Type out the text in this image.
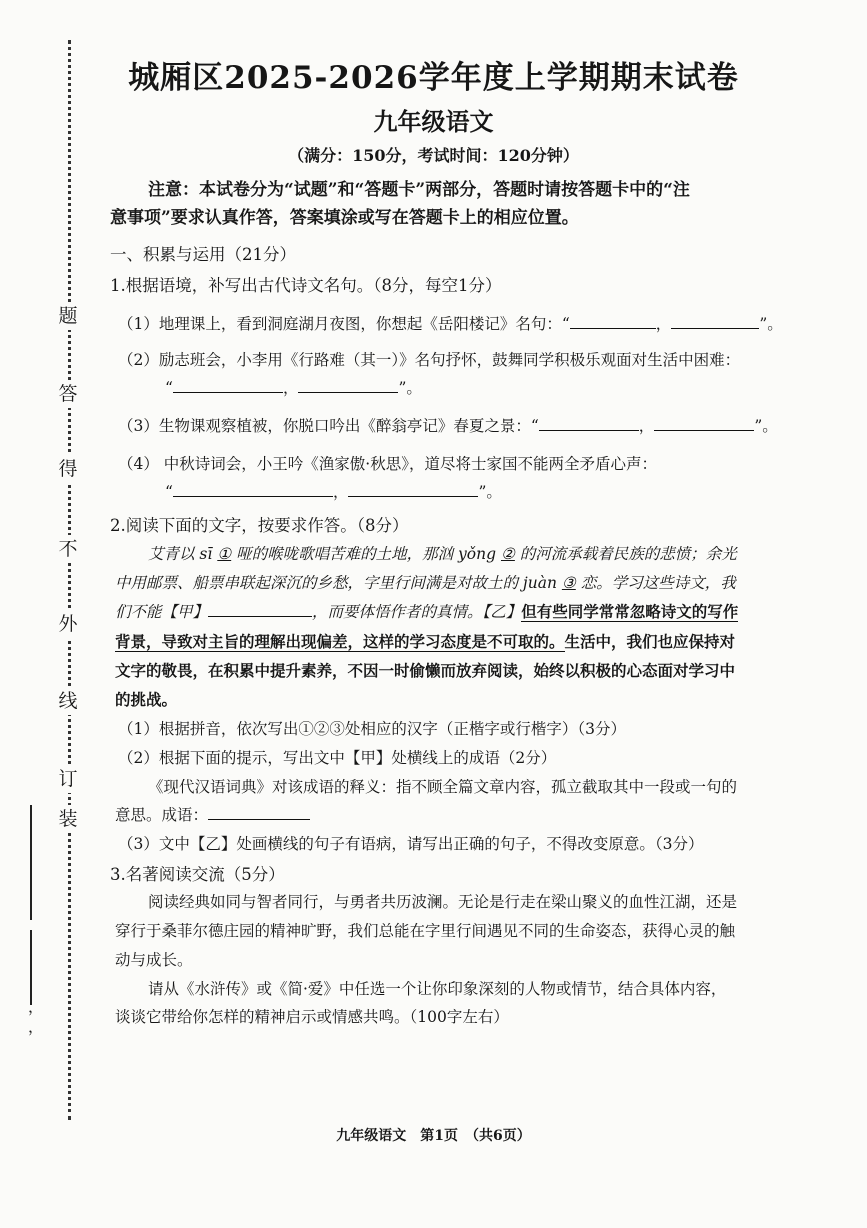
题
答
得
不
外
线
订
装
，
，
城厢区2025-2026学年度上学期期末试卷
九年级语文
（满分：150分，考试时间：120分钟）
注意：本试卷分为“试题”和“答题卡”两部分，答题时请按答题卡中的“注
意事项”要求认真作答，答案填涂或写在答题卡上的相应位置。
一、积累与运用（21分）
1.根据语境，补写出古代诗文名句。（8分，每空1分）
（1）地理课上，看到洞庭湖月夜图，你想起《岳阳楼记》名句：“	，	”。
（2）励志班会，小李用《行路难（其一）》名句抒怀，鼓舞同学积极乐观面对生活中困难：
“	，	”。
（3）生物课观察植被，你脱口吟出《醉翁亭记》春夏之景：“	，	”。
（4） 中秋诗词会，小王吟《渔家傲·秋思》，道尽将士家国不能两全矛盾心声：
“	，	”。
2.阅读下面的文字，按要求作答。（8分）
艾青以 sī ① 哑的喉咙歌唱苦难的土地，那汹 yǒng ② 的河流承载着民族的悲愤；余光
中用邮票、船票串联起深沉的乡愁，字里行间满是对故土的 juàn ③ 恋。学习这些诗文，我
们不能【甲】	，而要体悟作者的真情。【乙】但有些同学常常忽略诗文的写作
背景，导致对主旨的理解出现偏差，这样的学习态度是不可取的。生活中，我们也应保持对
文字的敬畏，在积累中提升素养，不因一时偷懒而放弃阅读，始终以积极的心态面对学习中
的挑战。
（1）根据拼音，依次写出①②③处相应的汉字（正楷字或行楷字）（3分）
（2）根据下面的提示，写出文中【甲】处横线上的成语（2分）
《现代汉语词典》对该成语的释义：指不顾全篇文章内容，孤立截取其中一段或一句的
意思。成语：
（3）文中【乙】处画横线的句子有语病，请写出正确的句子，不得改变原意。（3分）
3.名著阅读交流（5分）
阅读经典如同与智者同行，与勇者共历波澜。无论是行走在梁山聚义的血性江湖，还是
穿行于桑菲尔德庄园的精神旷野，我们总能在字里行间遇见不同的生命姿态，获得心灵的触
动与成长。
请从《水浒传》或《简·爱》中任选一个让你印象深刻的人物或情节，结合具体内容，
谈谈它带给你怎样的精神启示或情感共鸣。（100字左右）
九年级语文　第1页　（共6页）
